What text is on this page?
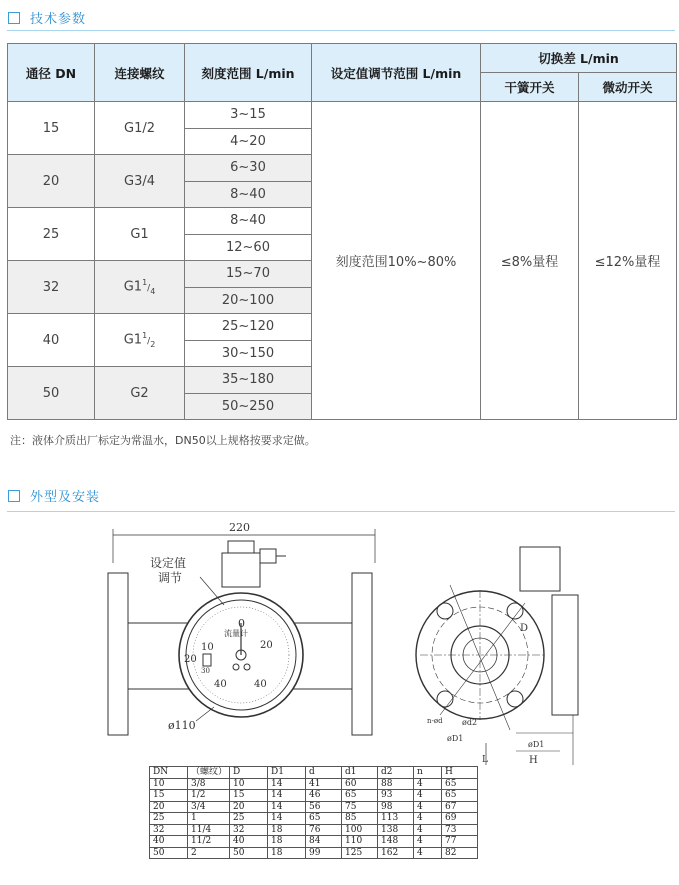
技术参数
通径 DN	连接螺纹	刻度范围 L/min	设定值调节范围 L/min	切换差 L/min	
				干簧开关	微动开关
15	G1/2	3~15	刻度范围10%~80%	≤8%量程	≤12%量程
		4~20			
20	G3/4	6~30			
		8~40			
25	G1	8~40			
		12~60			
32	$G1^1/_4$	15~70			
		20~100			
40	$G1^1/_2$	25~120			
		30~150			
50	G2	35~180			
		50~250			
注：液体介质出厂标定为常温水，DN50以上规格按要求定做。
外型及安装
220
流量计
0
10
20
20
30
40	40
设定值
调节
ø110
D
n-ød
øD1
ød2
øD1
L	H
DN	（螺纹）	D	D1	d	d1	d2	n	H
10	3/8	10	14	41	60	88	4	65
15	1/2	15	14	46	65	93	4	65
20	3/4	20	14	56	75	98	4	67
25	1	25	14	65	85	113	4	69
32	11/4	32	18	76	100	138	4	73
40	11/2	40	18	84	110	148	4	77
50	2	50	18	99	125	162	4	82
